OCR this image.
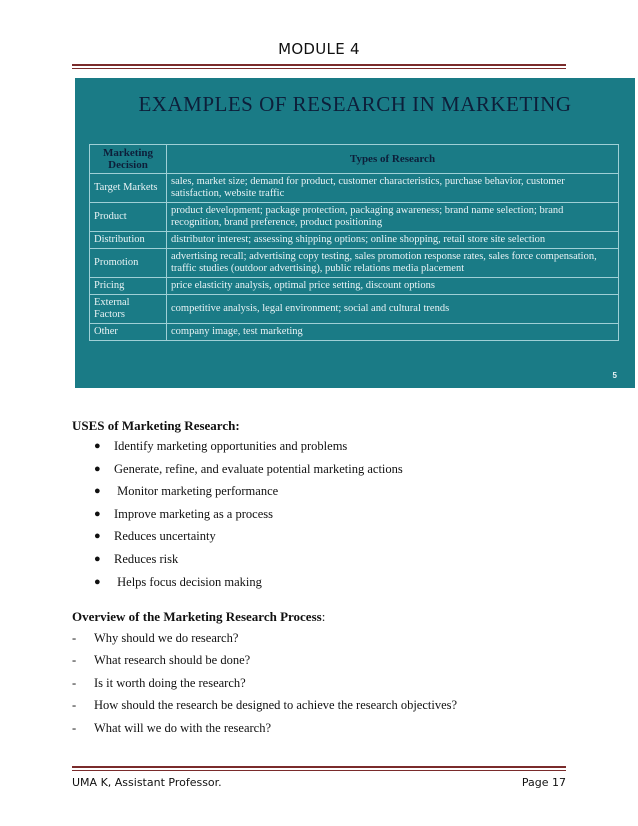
MODULE 4
EXAMPLES OF RESEARCH IN MARKETING
Marketing Decision	Types of Research
Target Markets	sales, market size; demand for product, customer characteristics, purchase behavior, customer satisfaction, website traffic
Product	product development; package protection, packaging awareness; brand name selection; brand recognition, brand preference, product positioning
Distribution	distributor interest; assessing shipping options; online shopping, retail store site selection
Promotion	advertising recall; advertising copy testing, sales promotion response rates, sales force compensation, traffic studies (outdoor advertising), public relations media placement
Pricing	price elasticity analysis, optimal price setting, discount options
External Factors	competitive analysis, legal environment; social and cultural trends
Other	company image, test marketing
5
USES of Marketing Research:
●	Identify marketing opportunities and problems
●	Generate, refine, and evaluate potential marketing actions
●	Monitor marketing performance
●	Improve marketing as a process
●	Reduces uncertainty
●	Reduces risk
●	Helps focus decision making
Overview of the Marketing Research Process:
-	Why should we do research?
-	What research should be done?
-	Is it worth doing the research?
-	How should the research be designed to achieve the research objectives?
-	What will we do with the research?
UMA K, Assistant Professor.	Page 17
